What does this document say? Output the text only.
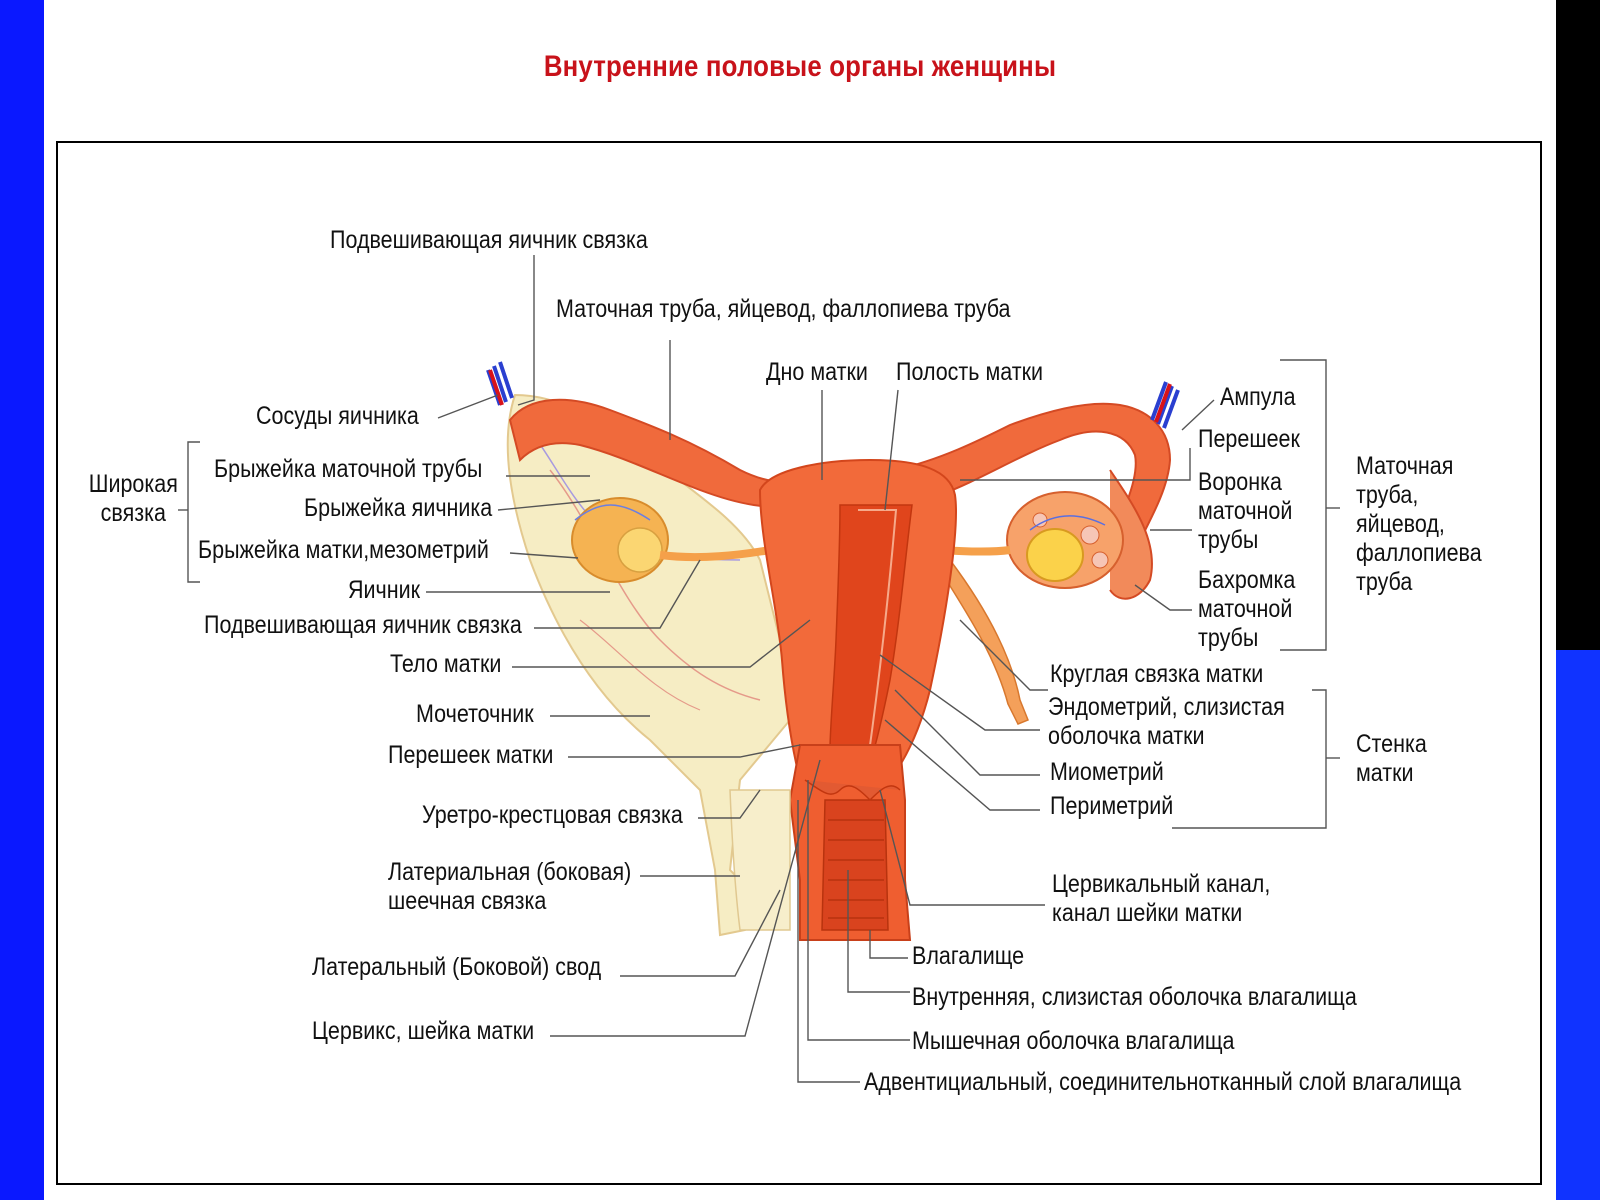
Внутренние половые органы женщины
Подвешивающая яичник связка
Маточная труба, яйцевод, фаллопиева труба
Дно матки Полость матки
Сосуды яичника
Широкая связка
Брыжейка маточной трубы
Брыжейка яичника
Брыжейка матки,мезометрий
Яичник
Подвешивающая яичник связка
Тело матки
Мочеточник
Перешеек матки
Уретро-крестцовая связка
Латериальная (боковая) шеечная связка
Латеральный (Боковой) свод
Цервикс, шейка матки
Ампула
Перешеек
Воронка маточной трубы
Бахромка маточной трубы
Маточная труба, яйцевод, фаллопиева труба
Круглая связка матки
Эндометрий, слизистая оболочка матки
Миометрий
Периметрий
Стенка матки
Цервикальный канал, канал шейки матки
Влагалище
Внутренняя, слизистая оболочка влагалища
Мышечная оболочка влагалища
Адвентициальный, соединительнотканный слой влагалища
